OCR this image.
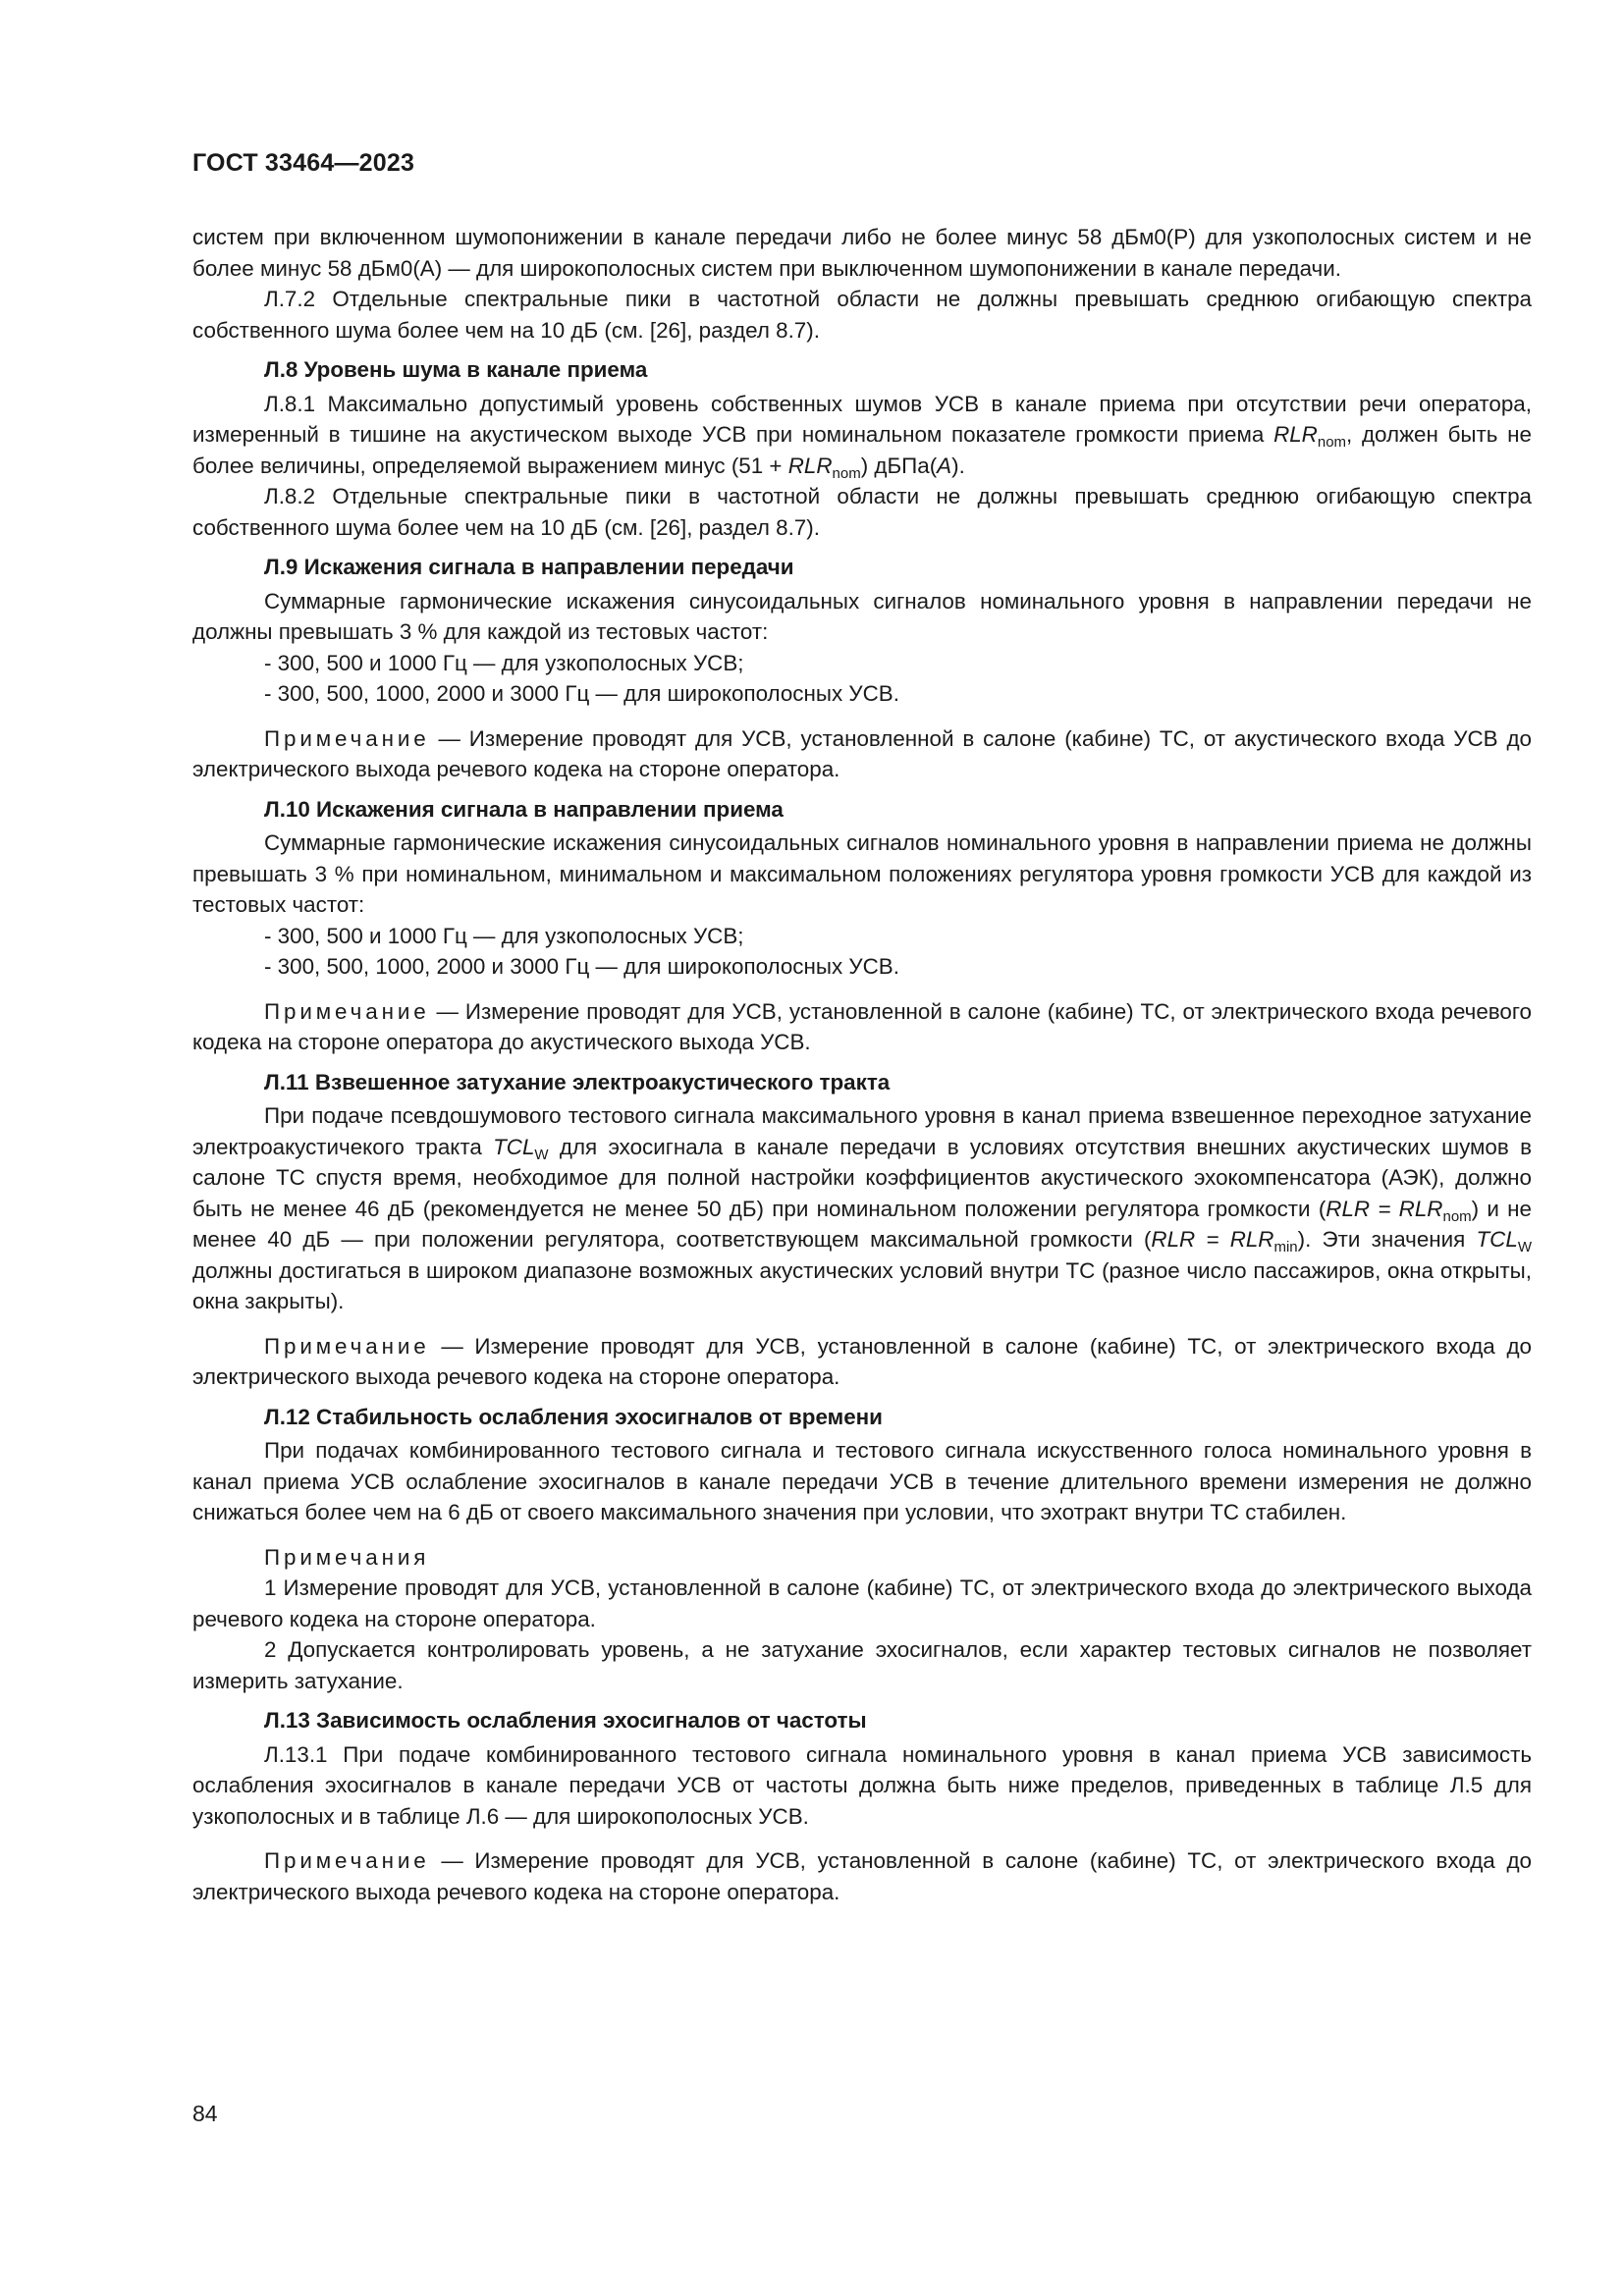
ГОСТ 33464—2023

систем при включенном шумопонижении в канале передачи либо не более минус 58 дБм0(Р) для узкополосных систем и не более минус 58 дБм0(А) — для широкополосных систем при выключенном шумопонижении в канале передачи.

Л.7.2 Отдельные спектральные пики в частотной области не должны превышать среднюю огибающую спектра собственного шума более чем на 10 дБ (см. [26], раздел 8.7).

Л.8 Уровень шума в канале приема

Л.8.1 Максимально допустимый уровень собственных шумов УСВ в канале приема при отсутствии речи оператора, измеренный в тишине на акустическом выходе УСВ при номинальном показателе громкости приема $RLR_{nom}$, должен быть не более величины, определяемой выражением минус $(51 + RLR_{nom})$ дБПа(A).

Л.8.2 Отдельные спектральные пики в частотной области не должны превышать среднюю огибающую спектра собственного шума более чем на 10 дБ (см. [26], раздел 8.7).

Л.9 Искажения сигнала в направлении передачи

Суммарные гармонические искажения синусоидальных сигналов номинального уровня в направлении передачи не должны превышать 3 % для каждой из тестовых частот:

- 300, 500 и 1000 Гц — для узкополосных УСВ;

- 300, 500, 1000, 2000 и 3000 Гц — для широкополосных УСВ.

Примечание — Измерение проводят для УСВ, установленной в салоне (кабине) ТС, от акустического входа УСВ до электрического выхода речевого кодека на стороне оператора.

Л.10 Искажения сигнала в направлении приема

Суммарные гармонические искажения синусоидальных сигналов номинального уровня в направлении приема не должны превышать 3 % при номинальном, минимальном и максимальном положениях регулятора уровня громкости УСВ для каждой из тестовых частот:

- 300, 500 и 1000 Гц — для узкополосных УСВ;

- 300, 500, 1000, 2000 и 3000 Гц — для широкополосных УСВ.

Примечание — Измерение проводят для УСВ, установленной в салоне (кабине) ТС, от электрического входа речевого кодека на стороне оператора до акустического выхода УСВ.

Л.11 Взвешенное затухание электроакустического тракта

При подаче псевдошумового тестового сигнала максимального уровня в канал приема взвешенное переходное затухание электроакустичекого тракта $TCL_W$ для эхосигнала в канале передачи в условиях отсутствия внешних акустических шумов в салоне ТС спустя время, необходимое для полной настройки коэффициентов акустического эхокомпенсатора (АЭК), должно быть не менее 46 дБ (рекомендуется не менее 50 дБ) при номинальном положении регулятора громкости $(RLR = RLR_{nom})$ и не менее 40 дБ — при положении регулятора, соответствующем максимальной громкости $(RLR = RLR_{min})$. Эти значения $TCL_W$ должны достигаться в широком диапазоне возможных акустических условий внутри ТС (разное число пассажиров, окна открыты, окна закрыты).

Примечание — Измерение проводят для УСВ, установленной в салоне (кабине) ТС, от электрического входа до электрического выхода речевого кодека на стороне оператора.

Л.12 Стабильность ослабления эхосигналов от времени

При подачах комбинированного тестового сигнала и тестового сигнала искусственного голоса номинального уровня в канал приема УСВ ослабление эхосигналов в канале передачи УСВ в течение длительного времени измерения не должно снижаться более чем на 6 дБ от своего максимального значения при условии, что эхотракт внутри ТС стабилен.

Примечания

1 Измерение проводят для УСВ, установленной в салоне (кабине) ТС, от электрического входа до электрического выхода речевого кодека на стороне оператора.

2 Допускается контролировать уровень, а не затухание эхосигналов, если характер тестовых сигналов не позволяет измерить затухание.

Л.13 Зависимость ослабления эхосигналов от частоты

Л.13.1 При подаче комбинированного тестового сигнала номинального уровня в канал приема УСВ зависимость ослабления эхосигналов в канале передачи УСВ от частоты должна быть ниже пределов, приведенных в таблице Л.5 для узкополосных и в таблице Л.6 — для широкополосных УСВ.

Примечание — Измерение проводят для УСВ, установленной в салоне (кабине) ТС, от электрического входа до электрического выхода речевого кодека на стороне оператора.

84
